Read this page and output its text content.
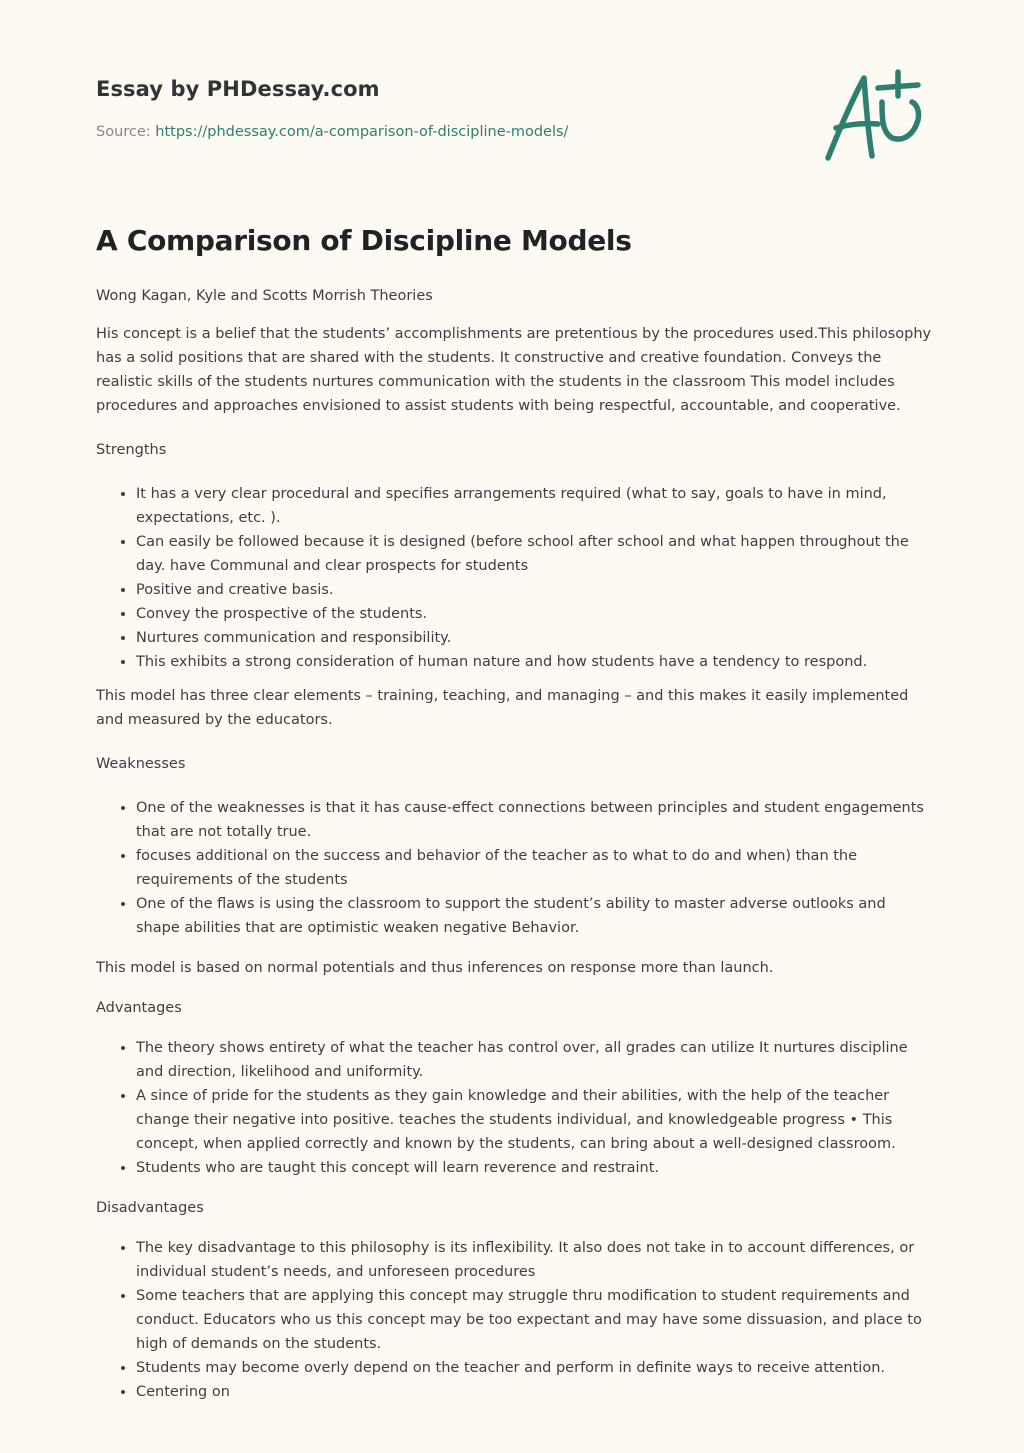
Essay by PHDessay.com
Source: https://phdessay.com/a-comparison-of-discipline-models/
A Comparison of Discipline Models

Wong Kagan, Kyle and Scotts Morrish Theories

His concept is a belief that the students’ accomplishments are pretentious by the procedures used.This philosophy has a solid positions that are shared with the students. It constructive and creative foundation. Conveys the realistic skills of the students nurtures communication with the students in the classroom This model includes procedures and approaches envisioned to assist students with being respectful, accountable, and cooperative.

Strengths

• It has a very clear procedural and specifies arrangements required (what to say, goals to have in mind, expectations, etc. ).
• Can easily be followed because it is designed (before school after school and what happen throughout the day. have Communal and clear prospects for students
• Positive and creative basis.
• Convey the prospective of the students.
• Nurtures communication and responsibility.
• This exhibits a strong consideration of human nature and how students have a tendency to respond.

This model has three clear elements – training, teaching, and managing – and this makes it easily implemented and measured by the educators.

Weaknesses

• One of the weaknesses is that it has cause-effect connections between principles and student engagements that are not totally true.
• focuses additional on the success and behavior of the teacher as to what to do and when) than the requirements of the students
• One of the flaws is using the classroom to support the student’s ability to master adverse outlooks and shape abilities that are optimistic weaken negative Behavior.

This model is based on normal potentials and thus inferences on response more than launch.

Advantages

• The theory shows entirety of what the teacher has control over, all grades can utilize It nurtures discipline and direction, likelihood and uniformity.
• A since of pride for the students as they gain knowledge and their abilities, with the help of the teacher change their negative into positive. teaches the students individual, and knowledgeable progress • This concept, when applied correctly and known by the students, can bring about a well-designed classroom.
• Students who are taught this concept will learn reverence and restraint.

Disadvantages

• The key disadvantage to this philosophy is its inflexibility. It also does not take in to account differences, or individual student’s needs, and unforeseen procedures
• Some teachers that are applying this concept may struggle thru modification to student requirements and conduct. Educators who us this concept may be too expectant and may have some dissuasion, and place to high of demands on the students.
• Students may become overly depend on the teacher and perform in definite ways to receive attention.
• Centering on
